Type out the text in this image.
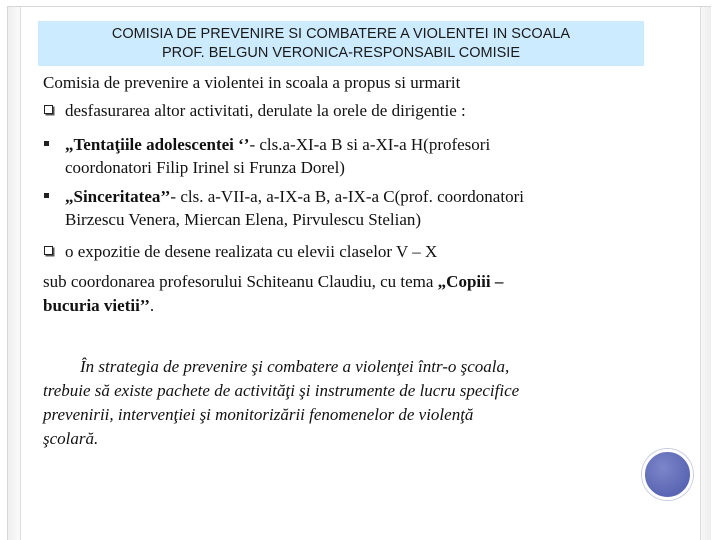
COMISIA DE PREVENIRE SI COMBATERE A VIOLENTEI IN SCOALA
PROF. BELGUN VERONICA-RESPONSABIL COMISIE
Comisia de prevenire a violentei in scoala a propus si urmarit
desfasurarea altor activitati, derulate la orele de dirigentie :
„Tentaţiile adolescentei ‘’- cls.a-XI-a B si a-XI-a H(profesori
coordonatori Filip Irinel si Frunza Dorel)
„Sinceritatea’’- cls. a-VII-a, a-IX-a B, a-IX-a C(prof. coordonatori
Birzescu Venera, Miercan Elena, Pirvulescu Stelian)
o expozitie de desene realizata cu elevii claselor V – X
sub coordonarea profesorului Schiteanu Claudiu, cu tema „Copiii –
bucuria vietii’’.
În strategia de prevenire şi combatere a violenţei într-o şcoala,
trebuie să existe pachete de activităţi şi instrumente de lucru specifice
prevenirii, intervenţiei şi monitorizării fenomenelor de violenţă
şcolară.
